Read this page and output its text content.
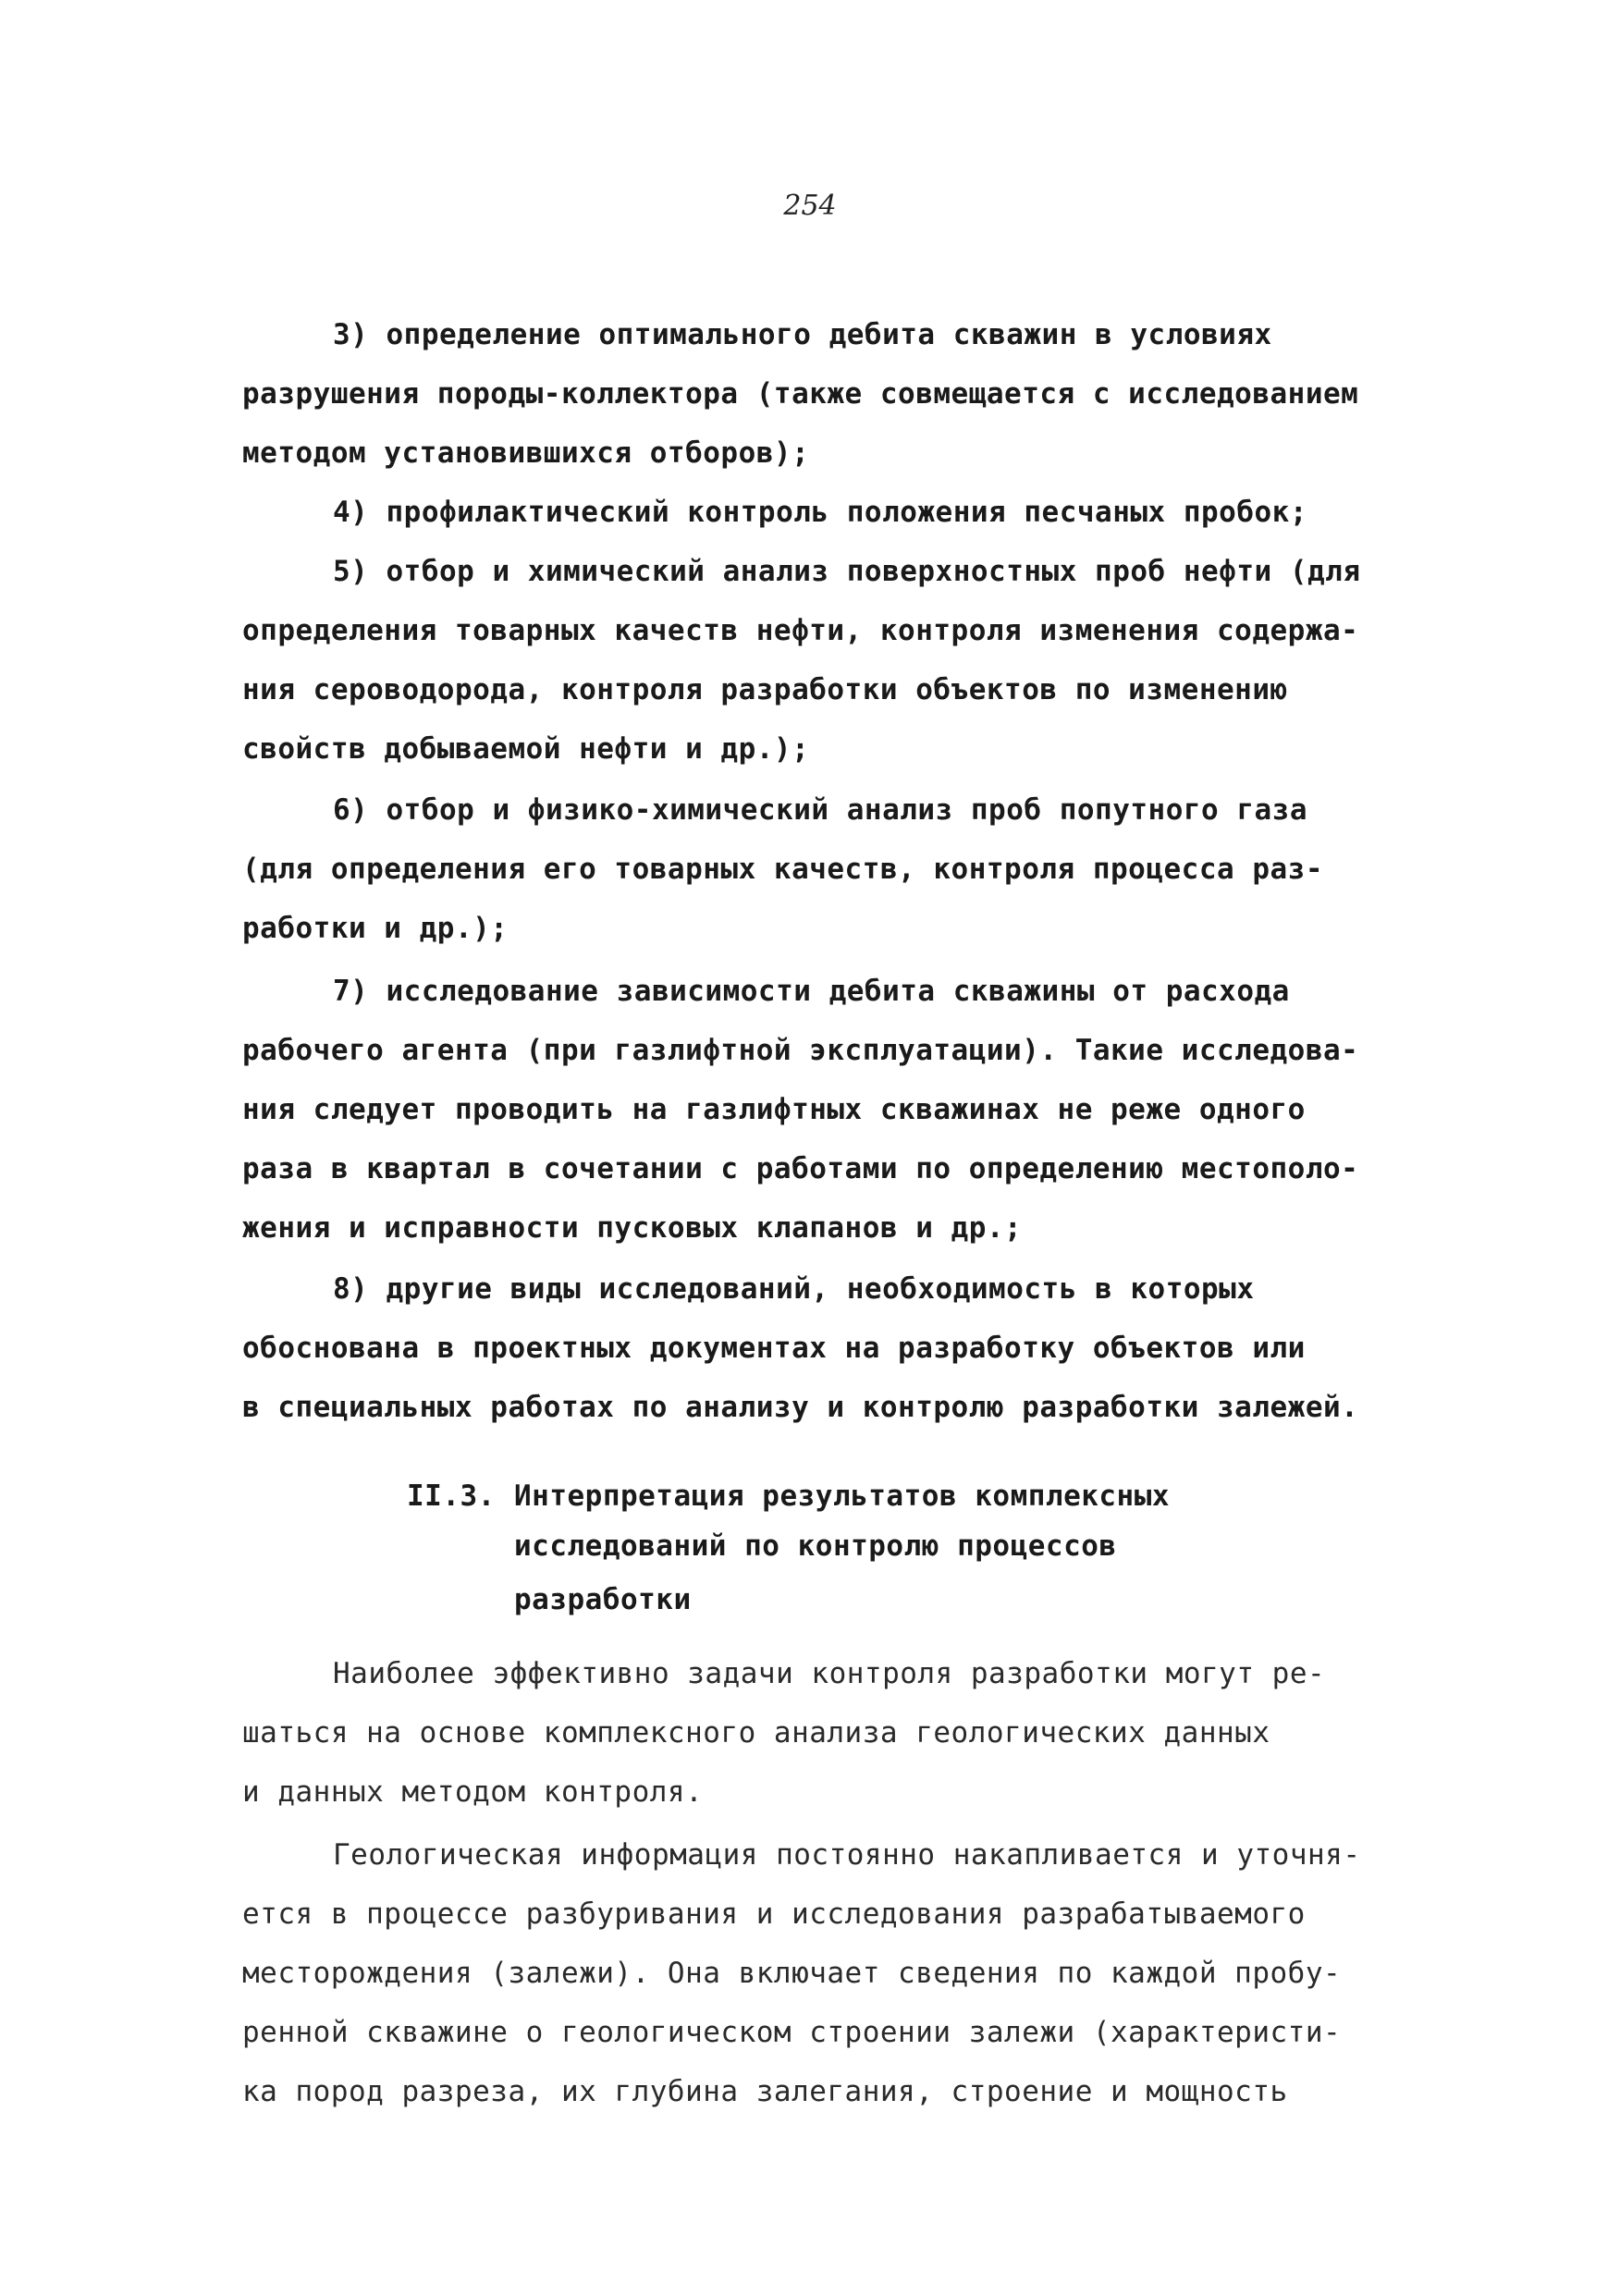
254
3) определение оптимального дебита скважин в условиях
разрушения породы-коллектора (также совмещается с исследованием
методом установившихся отборов);
4) профилактический контроль положения песчаных пробок;
5) отбор и химический анализ поверхностных проб нефти (для
определения товарных качеств нефти, контроля изменения содержа-
ния сероводорода, контроля разработки объектов по изменению
свойств добываемой нефти и др.);
6) отбор и физико-химический анализ проб попутного газа
(для определения его товарных качеств, контроля процесса раз-
работки и др.);
7) исследование зависимости дебита скважины от расхода
рабочего агента (при газлифтной эксплуатации). Такие исследова-
ния следует проводить на газлифтных скважинах не реже одного
раза в квартал в сочетании с работами по определению местополо-
жения и исправности пусковых клапанов и др.;
8) другие виды исследований, необходимость в которых
обоснована в проектных документах на разработку объектов или
в специальных работах по анализу и контролю разработки залежей.
II.3. Интерпретация результатов комплексных
исследований по контролю процессов
разработки
Наиболее эффективно задачи контроля разработки могут ре-
шаться на основе комплексного анализа геологических данных
и данных методом контроля.
Геологическая информация постоянно накапливается и уточня-
ется в процессе разбуривания и исследования разрабатываемого
месторождения (залежи). Она включает сведения по каждой пробу-
ренной скважине о геологическом строении залежи (характеристи-
ка пород разреза, их глубина залегания, строение и мощность
